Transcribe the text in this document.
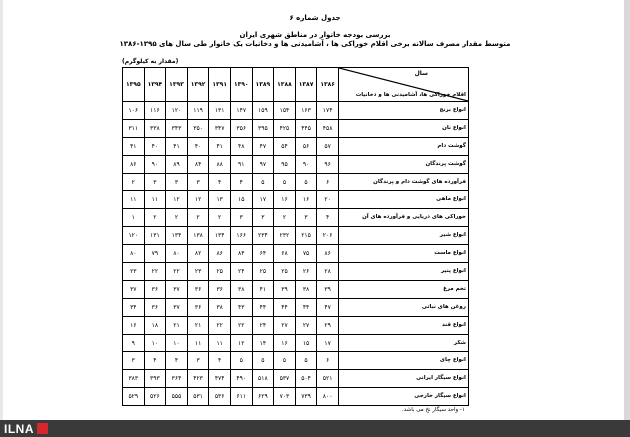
جدول شماره ۶
بررسی بودجه خانوار در مناطق شهری ایران
متوسط مقدار مصرف سالانه برخی اقلام خوراکی ها ، آشامیدنی ها و دخانیات یک خانوار طی سال های ۱۳۹۵-۱۳۸۶
(مقدار به کیلوگرم)
۱۳۹۵	۱۳۹۴	۱۳۹۳	۱۳۹۲	۱۳۹۱	۱۳۹۰	۱۳۸۹	۱۳۸۸	۱۳۸۷	۱۳۸۶	سال
اقلام خوراکی ها، آشامیدنی ها و دخانیات

۱۰۶	۱۱۶	۱۲۰	۱۱۹	۱۳۱	۱۴۷	۱۵۹	۱۵۴	۱۶۳	۱۷۴	انواع برنج
۳۱۱	۳۳۸	۳۴۳	۳۵۰	۳۴۷	۳۵۶	۳۹۵	۴۲۵	۴۴۵	۴۵۸	انواع نان
۴۱	۴۰	۴۱	۴۰	۴۱	۴۸	۴۷	۵۴	۵۶	۵۷	گوشت دام
۸۶	۹۰	۸۹	۸۴	۸۸	۹۱	۹۷	۹۵	۹۰	۹۶	گوشت پرندگان
۲	۳	۳	۳	۴	۴	۵	۵	۵	۶	فرآورده های گوشت دام و پرندگان
۱۱	۱۱	۱۲	۱۲	۱۳	۱۵	۱۷	۱۶	۱۶	۲۰	انواع ماهی
۱	۲	۲	۲	۲	۳	۳	۲	۳	۴	خوراکی های دریایی و فرآورده های آن
۱۲۰	۱۳۱	۱۳۴	۱۳۸	۱۳۴	۱۶۶	۲۳۴	۲۳۲	۲۱۵	۲۰۶	انواع شیر
۸۰	۷۹	۸۰	۸۲	۸۶	۸۴	۶۴	۶۸	۷۵	۸۶	انواع ماست
۲۳	۲۲	۲۲	۲۳	۲۵	۲۴	۲۵	۲۵	۲۶	۲۸	انواع پنیر
۳۷	۳۶	۳۷	۳۶	۳۶	۳۸	۴۱	۳۹	۳۸	۳۹	تخم مرغ
۳۴	۳۶	۳۷	۳۶	۳۸	۴۳	۴۴	۴۴	۴۴	۴۷	روغن های نباتی
۱۶	۱۸	۲۱	۲۱	۲۲	۲۲	۲۴	۲۷	۲۷	۲۹	انواع قند
۹	۱۰	۱۰	۱۱	۱۱	۱۲	۱۴	۱۶	۱۵	۱۷	شکر
۳	۴	۴	۳	۴	۵	۵	۵	۵	۶	انواع چای
۳۸۳	۳۹۳	۳۶۴	۴۲۳	۴۷۴	۴۹۰	۵۱۸	۵۳۷	۵۰۴	۵۲۱	انواع سیگار ایرانی
۵۲۹	۵۲۶	۵۵۵	۵۳۱	۵۳۶	۶۱۱	۶۲۹	۷۰۳	۷۳۹	۸۰۰	انواع سیگار خارجی
۱- واحد سیگار نخ می باشد.
ILNA
